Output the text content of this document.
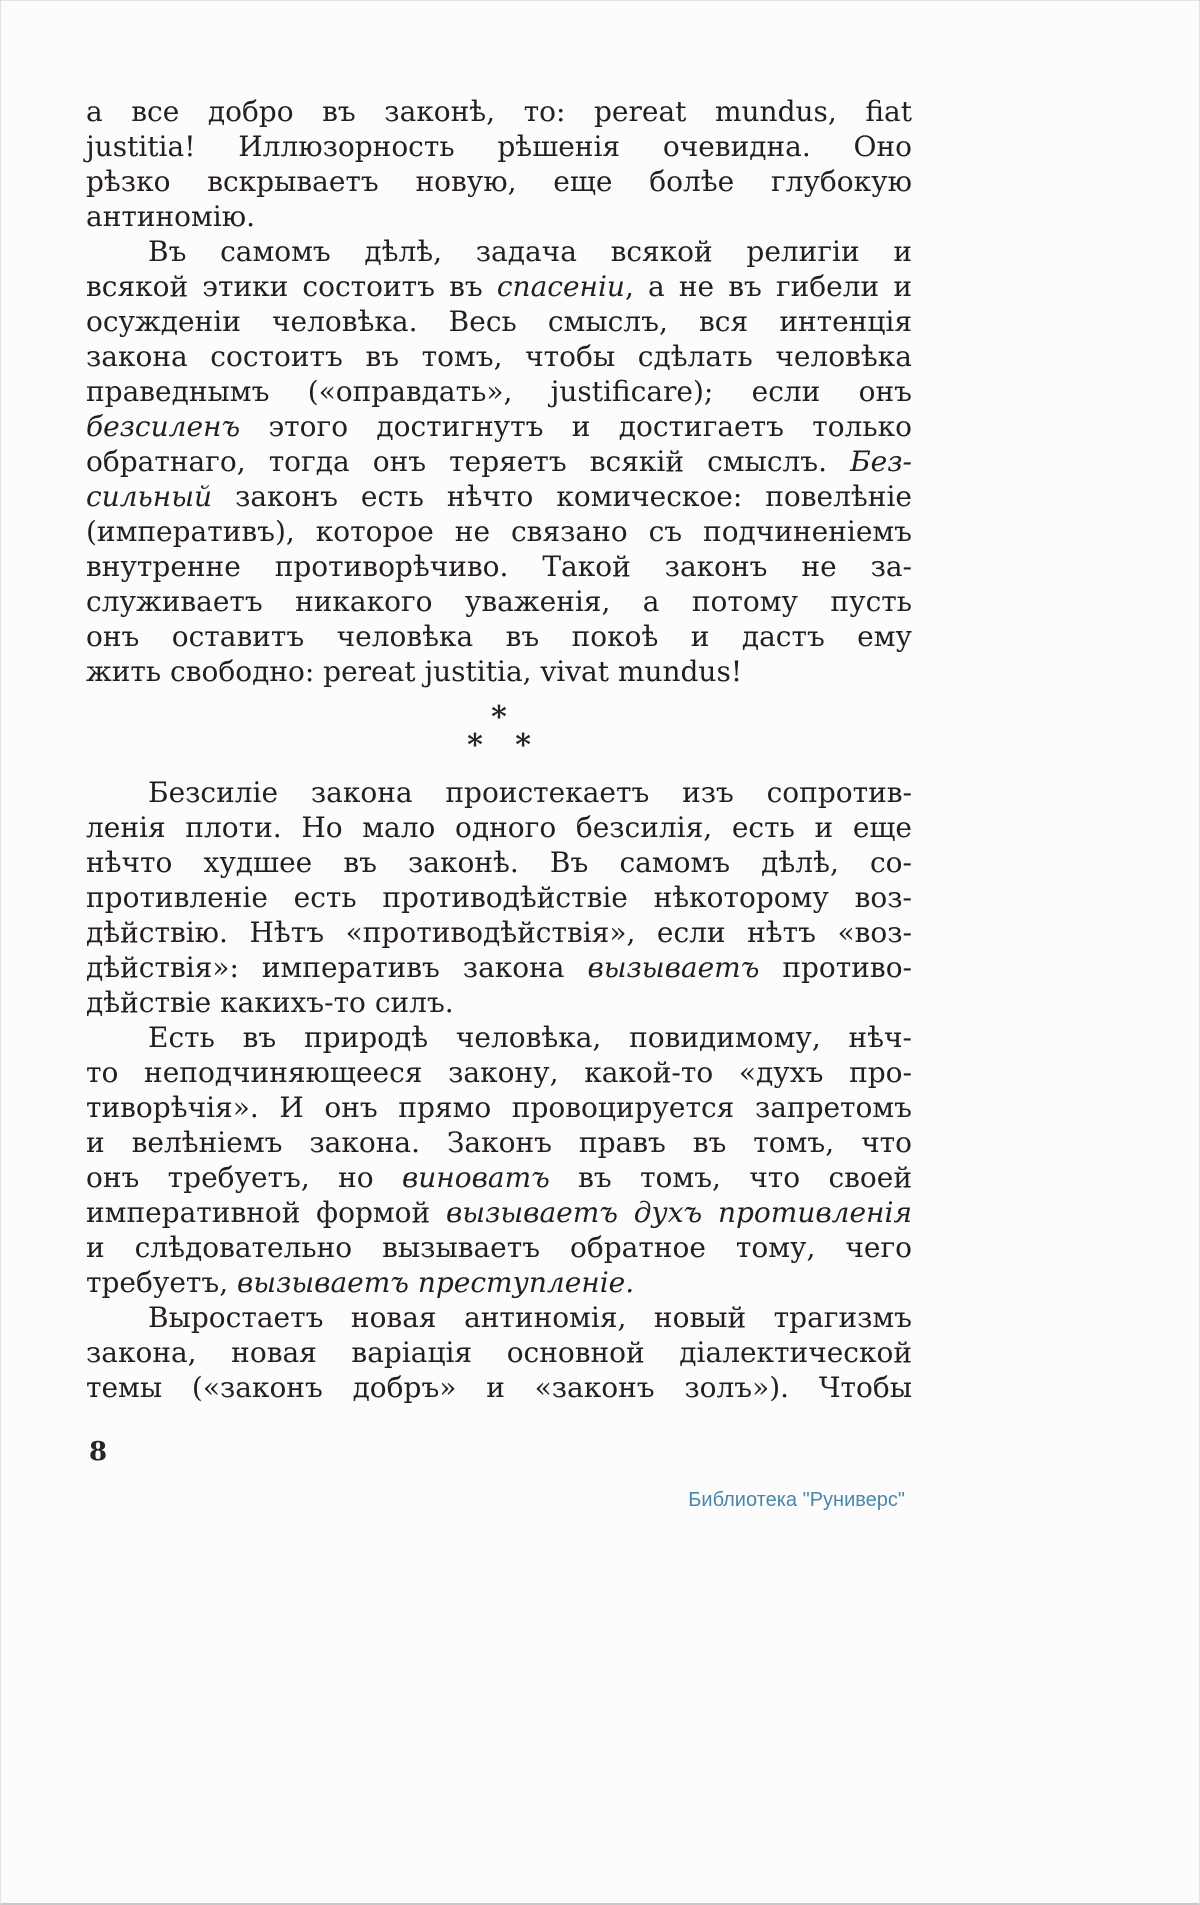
а все добро въ законѣ, то: pereat mundus, fiat
justitia! Иллюзорность рѣшенія очевидна. Оно
рѣзко вскрываетъ новую, еще болѣе глубокую
антиномію.
Въ самомъ дѣлѣ, задача всякой религіи и
всякой этики состоитъ въ спасеніи, а не въ гибели и
осужденіи человѣка. Весь смыслъ, вся интенція
закона состоитъ въ томъ, чтобы сдѣлать человѣка
праведнымъ («оправдать», justificare); если онъ
безсиленъ этого достигнутъ и достигаетъ только
обратнаго, тогда онъ теряетъ всякій смыслъ. Без-
сильный законъ есть нѣчто комическое: повелѣніе
(императивъ), которое не связано съ подчиненіемъ
внутренне противорѣчиво. Такой законъ не за-
служиваетъ никакого уваженія, а потому пусть
онъ оставитъ человѣка въ покоѣ и дастъ ему
жить свободно: pereat justitia, vivat mundus!
*
* *
Безсиліе закона проистекаетъ изъ сопротив-
ленія плоти. Но мало одного безсилія, есть и еще
нѣчто худшее въ законѣ. Въ самомъ дѣлѣ, со-
противленіе есть противодѣйствіе нѣкоторому воз-
дѣйствію. Нѣтъ «противодѣйствія», если нѣтъ «воз-
дѣйствія»: императивъ закона вызываетъ противо-
дѣйствіе какихъ-то силъ.
Есть въ природѣ человѣка, повидимому, нѣч-
то неподчиняющееся закону, какой-то «духъ про-
тиворѣчія». И онъ прямо провоцируется запретомъ
и велѣніемъ закона. Законъ правъ въ томъ, что
онъ требуетъ, но виноватъ въ томъ, что своей
императивной формой вызываетъ духъ противленія
и слѣдовательно вызываетъ обратное тому, чего
требуетъ, вызываетъ преступленіе.
Выростаетъ новая антиномія, новый трагизмъ
закона, новая варіація основной діалектической
темы («законъ добръ» и «законъ золъ»). Чтобы
8
Библиотека "Руниверс"
